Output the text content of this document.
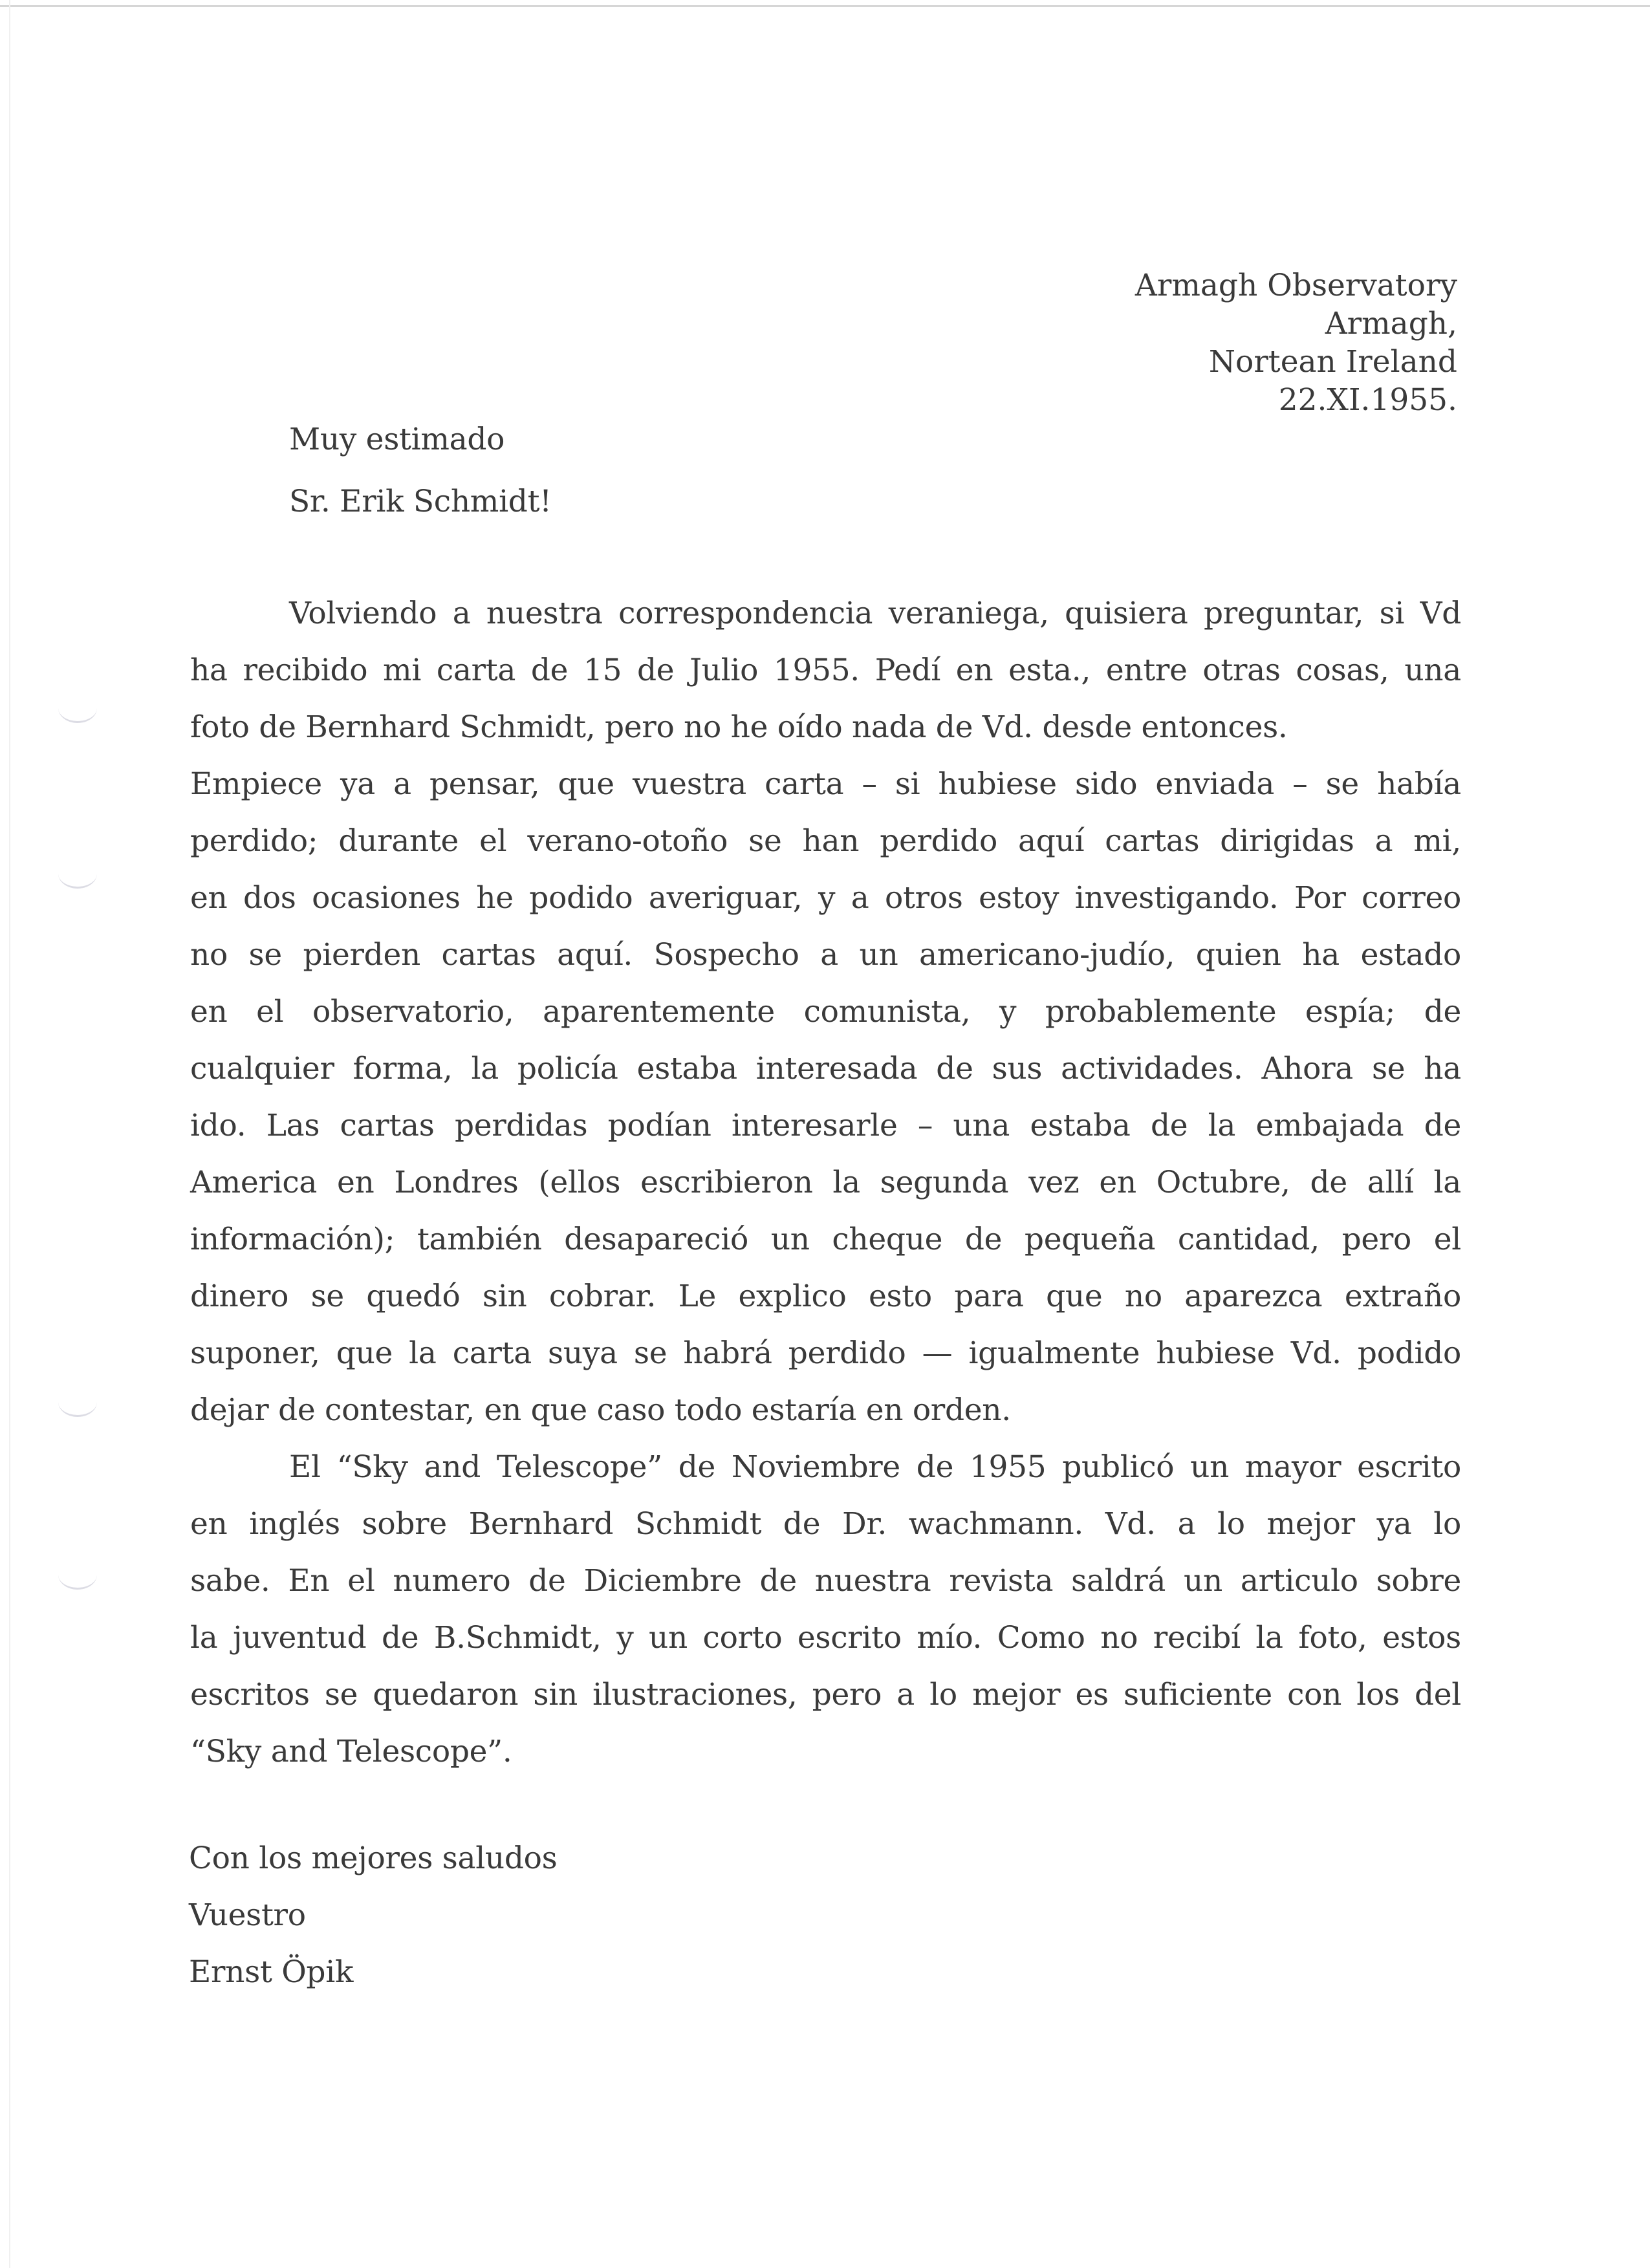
Armagh Observatory
Armagh,
Nortean Ireland
22.XI.1955.
Muy estimado
Sr. Erik Schmidt!
Volviendo a nuestra correspondencia veraniega, quisiera preguntar, si Vd
ha recibido mi carta de 15 de Julio 1955. Pedí en esta., entre otras cosas, una
foto de Bernhard Schmidt, pero no he oído nada de Vd. desde entonces.
Empiece ya a pensar, que vuestra carta – si hubiese sido enviada – se había
perdido; durante el verano-otoño se han perdido aquí cartas dirigidas a mi,
en dos ocasiones he podido averiguar, y a otros estoy investigando. Por correo
no se pierden cartas aquí. Sospecho a un americano-judío, quien ha estado
en el observatorio, aparentemente comunista, y probablemente espía; de
cualquier forma, la policía estaba interesada de sus actividades. Ahora se ha
ido. Las cartas perdidas podían interesarle – una estaba de la embajada de
America en Londres (ellos escribieron la segunda vez en Octubre, de allí la
información); también desapareció un cheque de pequeña cantidad, pero el
dinero se quedó sin cobrar. Le explico esto para que no aparezca extraño
suponer, que la carta suya se habrá perdido — igualmente hubiese Vd. podido
dejar de contestar, en que caso todo estaría en orden.
El “Sky and Telescope” de Noviembre de 1955 publicó un mayor escrito
en inglés sobre Bernhard Schmidt de Dr. wachmann. Vd. a lo mejor ya lo
sabe. En el numero de Diciembre de nuestra revista saldrá un articulo sobre
la juventud de B.Schmidt, y un corto escrito mío. Como no recibí la foto, estos
escritos se quedaron sin ilustraciones, pero a lo mejor es suficiente con los del
“Sky and Telescope”.
Con los mejores saludos
Vuestro
Ernst Öpik
